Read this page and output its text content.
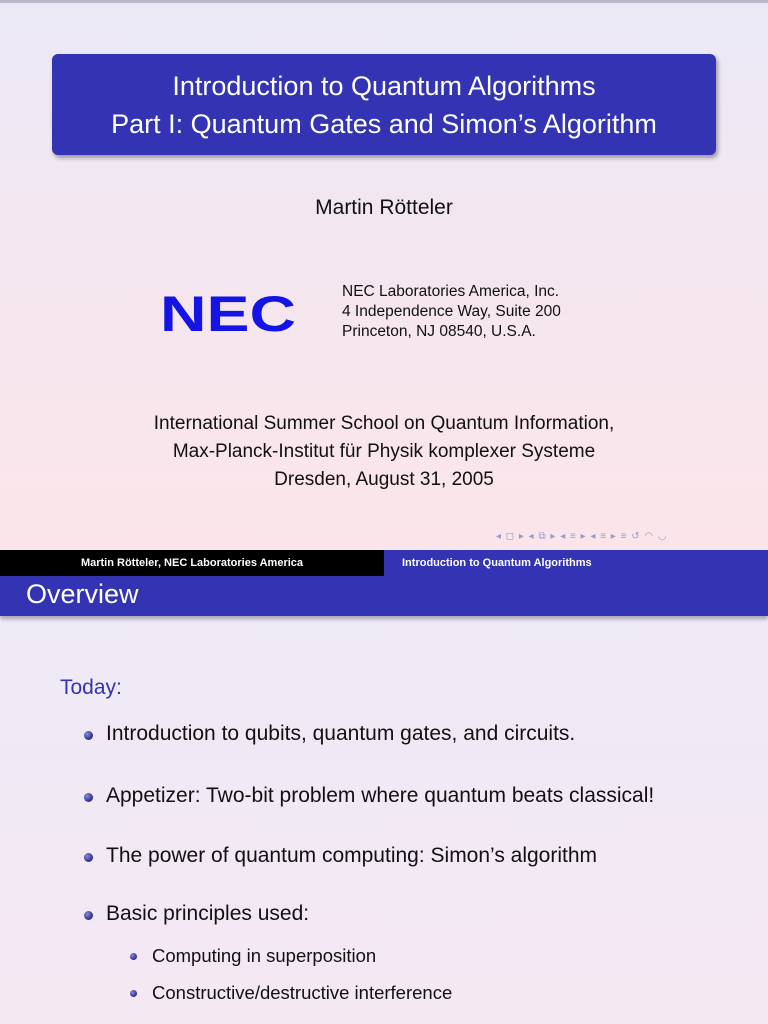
Introduction to Quantum Algorithms
Part I: Quantum Gates and Simon’s Algorithm
Martin Rötteler
NEC	NEC Laboratories America, Inc.
4 Independence Way, Suite 200
Princeton, NJ 08540, U.S.A.
International Summer School on Quantum Information,
Max-Planck-Institut für Physik komplexer Systeme
Dresden, August 31, 2005
◂ ◻ ▸ ◂ ⧉ ▸ ◂ ≡ ▸ ◂ ≡ ▸ ≡ ↺ ◠ ◡
Martin Rötteler, NEC Laboratories America	Introduction to Quantum Algorithms
Overview
Today:
Introduction to qubits, quantum gates, and circuits.
Appetizer: Two-bit problem where quantum beats classical!
The power of quantum computing: Simon’s algorithm
Basic principles used:
Computing in superposition
Constructive/destructive interference
